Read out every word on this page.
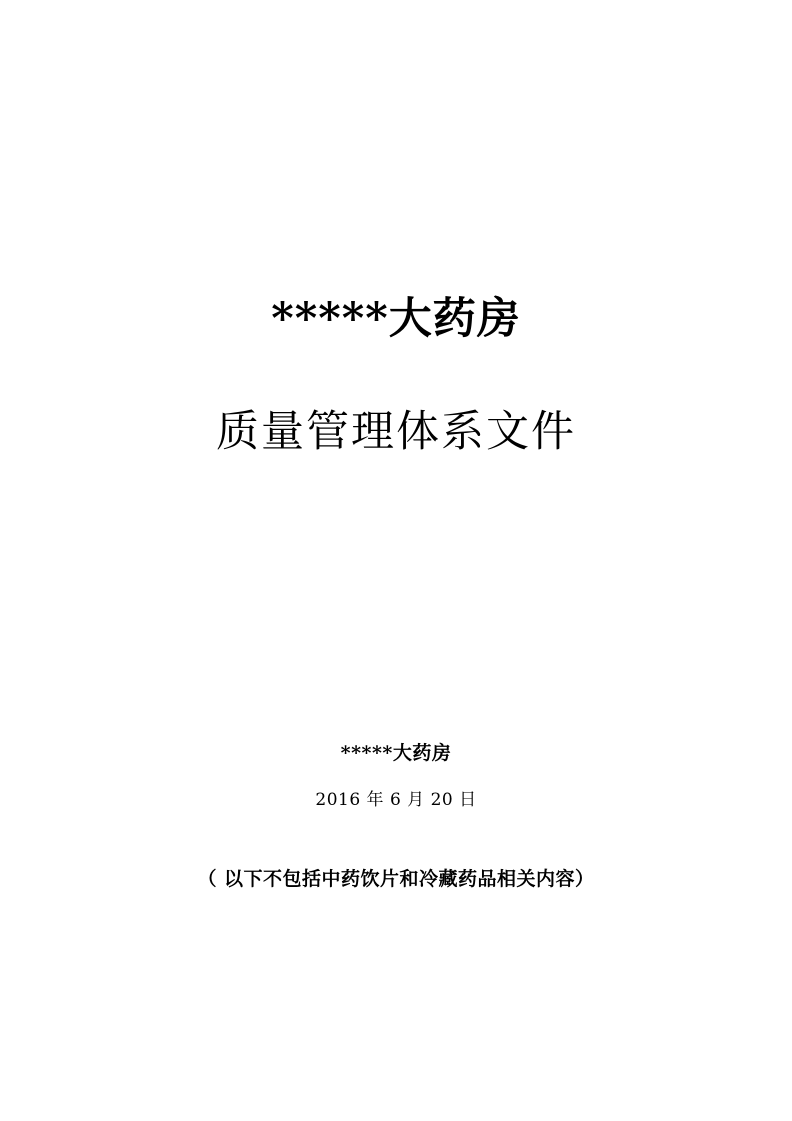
*****大药房

质量管理体系文件

*****大药房

2016 年 6 月 20 日

（ 以下不包括中药饮片和冷藏药品相关内容）
